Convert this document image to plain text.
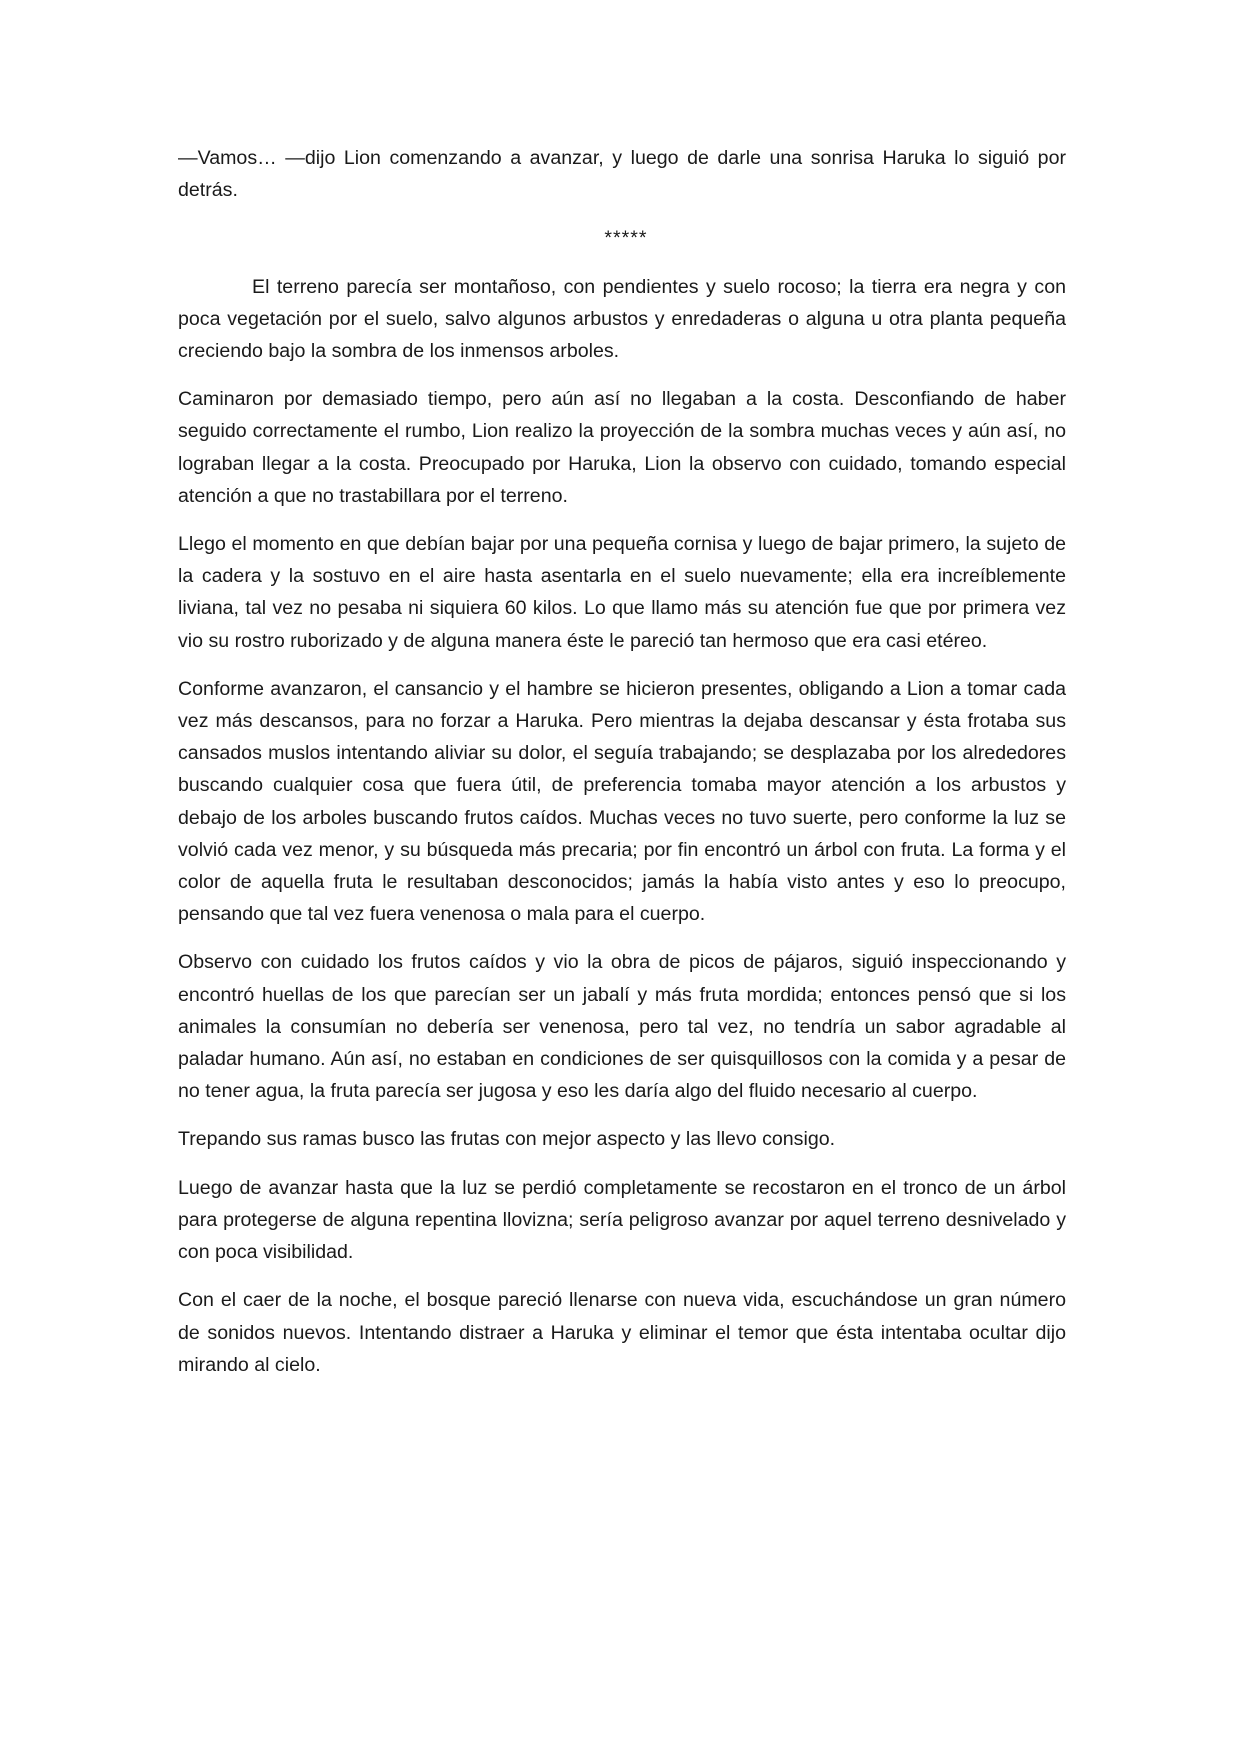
—Vamos… —dijo Lion comenzando a avanzar, y luego de darle una sonrisa Haruka lo siguió por detrás.

*****

El terreno parecía ser montañoso, con pendientes y suelo rocoso; la tierra era negra y con poca vegetación por el suelo, salvo algunos arbustos y enredaderas o alguna u otra planta pequeña creciendo bajo la sombra de los inmensos arboles.

Caminaron por demasiado tiempo, pero aún así no llegaban a la costa. Desconfiando de haber seguido correctamente el rumbo, Lion realizo la proyección de la sombra muchas veces y aún así, no lograban llegar a la costa. Preocupado por Haruka, Lion la observo con cuidado, tomando especial atención a que no trastabillara por el terreno.

Llego el momento en que debían bajar por una pequeña cornisa y luego de bajar primero, la sujeto de la cadera y la sostuvo en el aire hasta asentarla en el suelo nuevamente; ella era increíblemente liviana, tal vez no pesaba ni siquiera 60 kilos. Lo que llamo más su atención fue que por primera vez vio su rostro ruborizado y de alguna manera éste le pareció tan hermoso que era casi etéreo.

Conforme avanzaron, el cansancio y el hambre se hicieron presentes, obligando a Lion a tomar cada vez más descansos, para no forzar a Haruka. Pero mientras la dejaba descansar y ésta frotaba sus cansados muslos intentando aliviar su dolor, el seguía trabajando; se desplazaba por los alrededores buscando cualquier cosa que fuera útil, de preferencia tomaba mayor atención a los arbustos y debajo de los arboles buscando frutos caídos. Muchas veces no tuvo suerte, pero conforme la luz se volvió cada vez menor, y su búsqueda más precaria; por fin encontró un árbol con fruta. La forma y el color de aquella fruta le resultaban desconocidos; jamás la había visto antes y eso lo preocupo, pensando que tal vez fuera venenosa o mala para el cuerpo.

Observo con cuidado los frutos caídos y vio la obra de picos de pájaros, siguió inspeccionando y encontró huellas de los que parecían ser un jabalí y más fruta mordida; entonces pensó que si los animales la consumían no debería ser venenosa, pero tal vez, no tendría un sabor agradable al paladar humano. Aún así, no estaban en condiciones de ser quisquillosos con la comida y a pesar de no tener agua, la fruta parecía ser jugosa y eso les daría algo del fluido necesario al cuerpo.

Trepando sus ramas busco las frutas con mejor aspecto y las llevo consigo.

Luego de avanzar hasta que la luz se perdió completamente se recostaron en el tronco de un árbol para protegerse de alguna repentina llovizna; sería peligroso avanzar por aquel terreno desnivelado y con poca visibilidad.

Con el caer de la noche, el bosque pareció llenarse con nueva vida, escuchándose un gran número de sonidos nuevos. Intentando distraer a Haruka y eliminar el temor que ésta intentaba ocultar dijo mirando al cielo.
